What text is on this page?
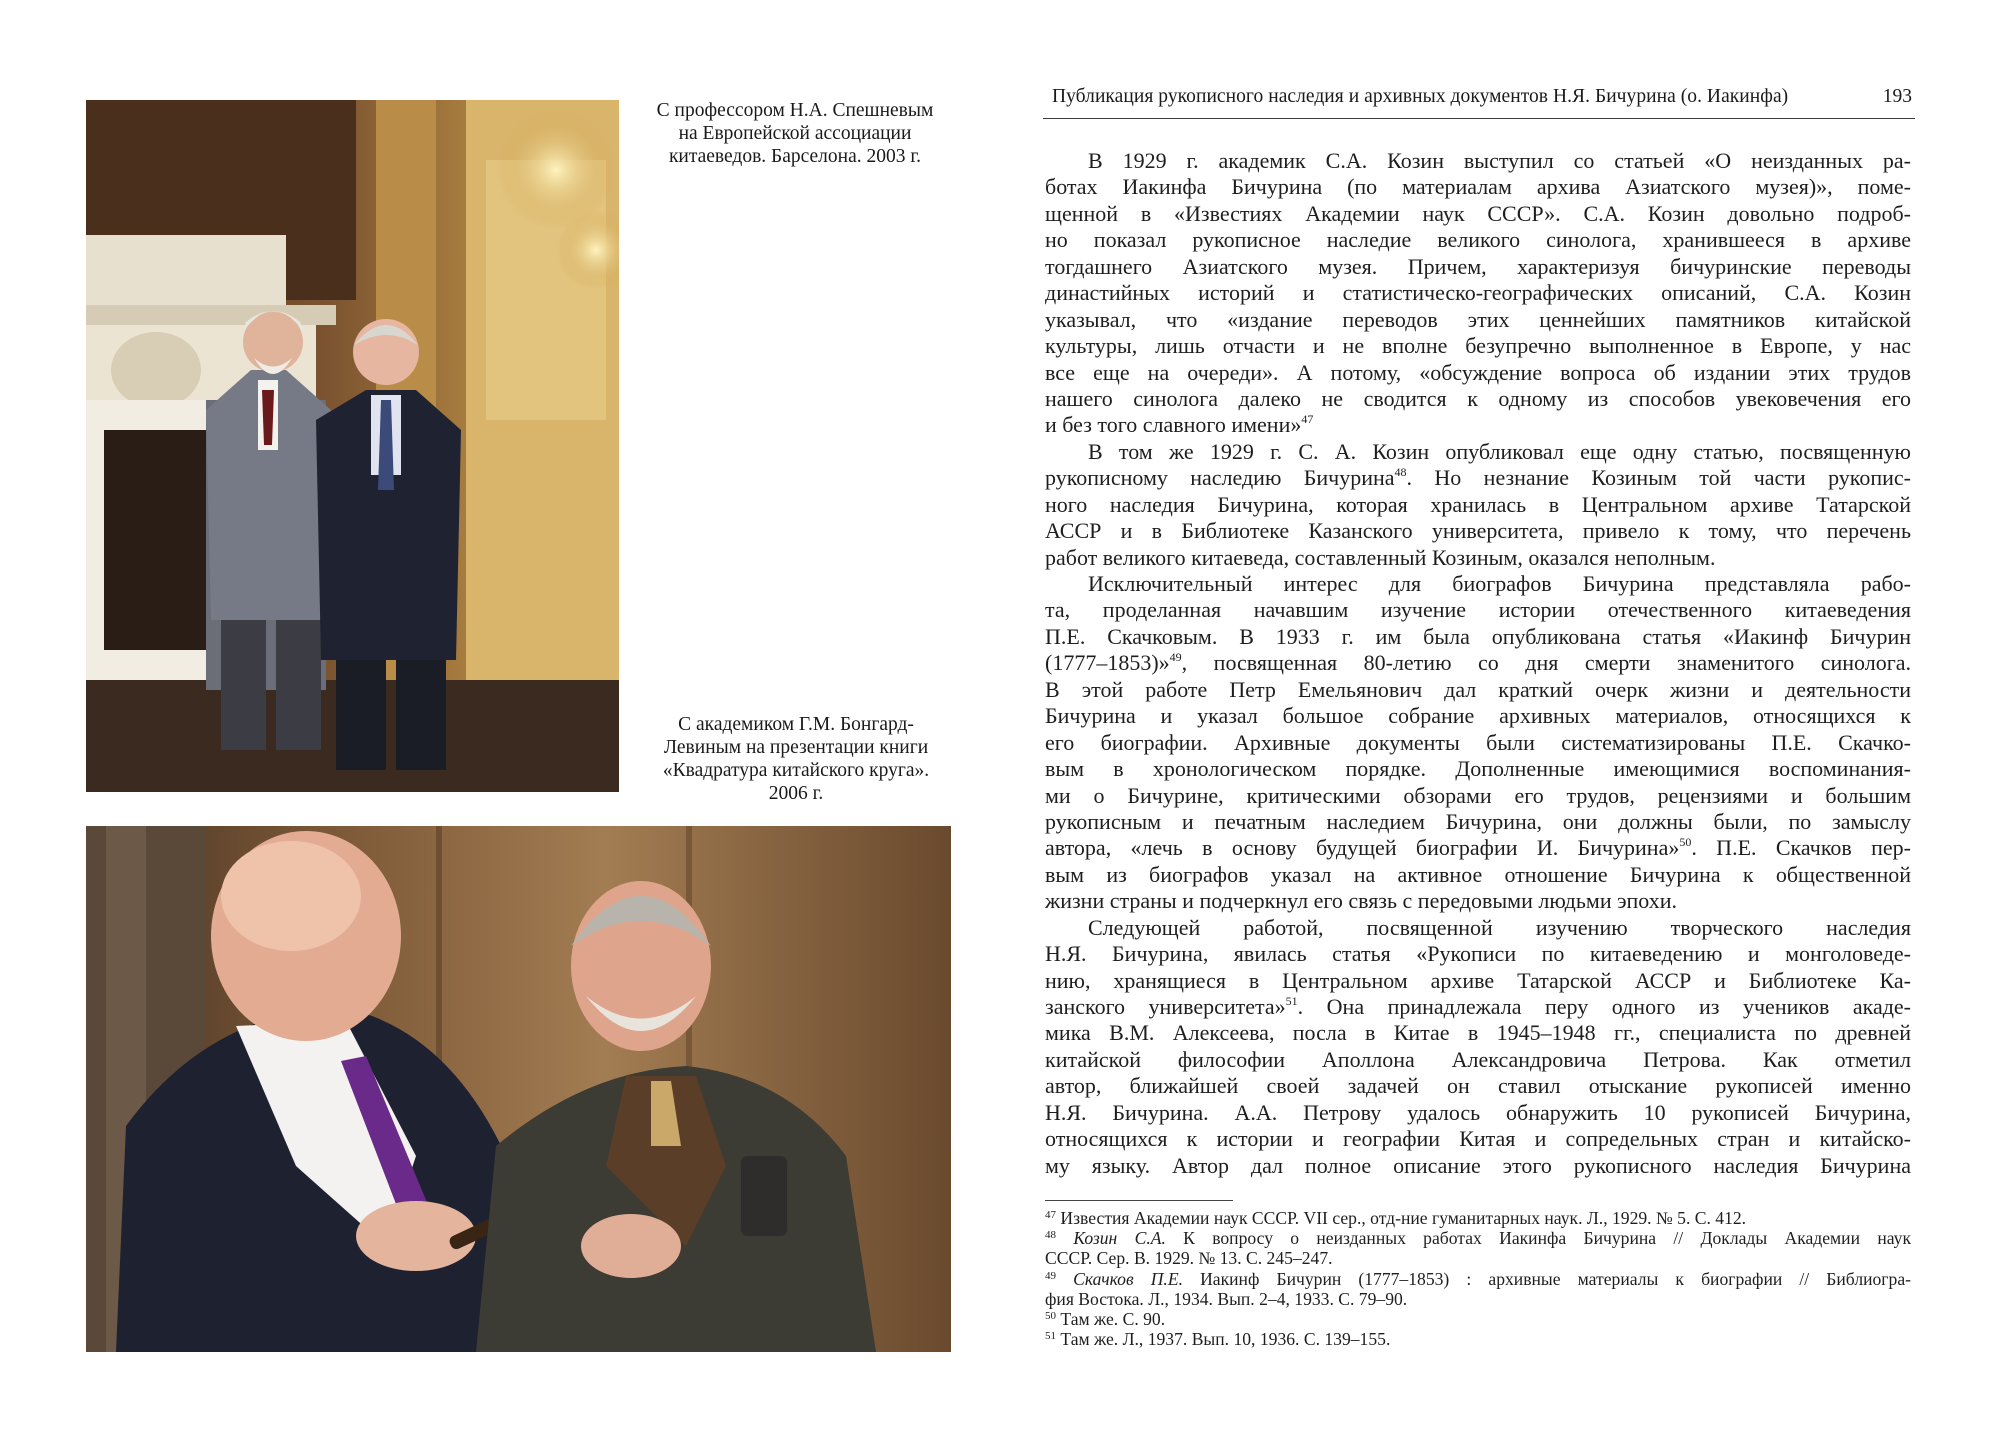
С профессором Н.А. Спешневым
на Европейской ассоциации
китаеведов. Барселона. 2003 г.
С академиком Г.М. Бонгард-
Левиным на презентации книги
«Квадратура китайского круга».
2006 г.
Публикация рукописного наследия и архивных документов Н.Я. Бичурина (о. Иакинфа)	193
В 1929 г. академик С.А. Козин выступил со статьей «О неизданных ра-
ботах Иакинфа Бичурина (по материалам архива Азиатского музея)», поме-
щенной в «Известиях Академии наук СССР». С.А. Козин довольно подроб-
но показал рукописное наследие великого синолога, хранившееся в архиве
тогдашнего Азиатского музея. Причем, характеризуя бичуринские переводы
династийных историй и статистическо-географических описаний, С.А. Козин
указывал, что «издание переводов этих ценнейших памятников китайской
культуры, лишь отчасти и не вполне безупречно выполненное в Европе, у нас
все еще на очереди». А потому, «обсуждение вопроса об издании этих трудов
нашего синолога далеко не сводится к одному из способов увековечения его
и без того славного имени»$^{47}$
В том же 1929 г. С. А. Козин опубликовал еще одну статью, посвященную
рукописному наследию Бичурина$^{48}$. Но незнание Козиным той части рукопис-
ного наследия Бичурина, которая хранилась в Центральном архиве Татарской
АССР и в Библиотеке Казанского университета, привело к тому, что перечень
работ великого китаеведа, составленный Козиным, оказался неполным.
Исключительный интерес для биографов Бичурина представляла рабо-
та, проделанная начавшим изучение истории отечественного китаеведения
П.Е. Скачковым. В 1933 г. им была опубликована статья «Иакинф Бичурин
(1777–1853)»$^{49}$, посвященная 80-летию со дня смерти знаменитого синолога.
В этой работе Петр Емельянович дал краткий очерк жизни и деятельности
Бичурина и указал большое собрание архивных материалов, относящихся к
его биографии. Архивные документы были систематизированы П.Е. Скачко-
вым в хронологическом порядке. Дополненные имеющимися воспоминания-
ми о Бичурине, критическими обзорами его трудов, рецензиями и большим
рукописным и печатным наследием Бичурина, они должны были, по замыслу
автора, «лечь в основу будущей биографии И. Бичурина»$^{50}$. П.Е. Скачков пер-
вым из биографов указал на активное отношение Бичурина к общественной
жизни страны и подчеркнул его связь с передовыми людьми эпохи.
Следующей работой, посвященной изучению творческого наследия
Н.Я. Бичурина, явилась статья «Рукописи по китаеведению и монголоведе-
нию, хранящиеся в Центральном архиве Татарской АССР и Библиотеке Ка-
занского университета»$^{51}$. Она принадлежала перу одного из учеников акаде-
мика В.М. Алексеева, посла в Китае в 1945–1948 гг., специалиста по древней
китайской философии Аполлона Александровича Петрова. Как отметил
автор, ближайшей своей задачей он ставил отыскание рукописей именно
Н.Я. Бичурина. А.А. Петрову удалось обнаружить 10 рукописей Бичурина,
относящихся к истории и географии Китая и сопредельных стран и китайско-
му языку. Автор дал полное описание этого рукописного наследия Бичурина
$^{47}$ Известия Академии наук СССР. VII сер., отд-ние гуманитарных наук. Л., 1929. № 5. С. 412.
$^{48}$ Козин С.А. К вопросу о неизданных работах Иакинфа Бичурина // Доклады Академии наук
СССР. Сер. В. 1929. № 13. С. 245–247.
$^{49}$ Скачков П.Е. Иакинф Бичурин (1777–1853) : архивные материалы к биографии // Библиогра-
фия Востока. Л., 1934. Вып. 2–4, 1933. С. 79–90.
$^{50}$ Там же. С. 90.
$^{51}$ Там же. Л., 1937. Вып. 10, 1936. С. 139–155.
